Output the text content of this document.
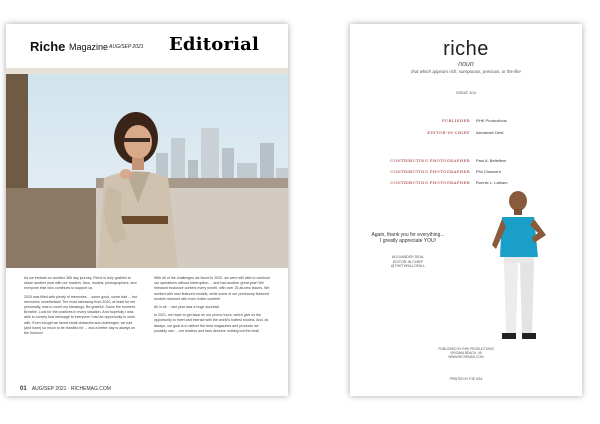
Riche Magazine AUG/SEP 2021 Editorial

As we embark on another 365 day journey, Riche is truly grateful to share another year with our readers, fans, models, photographers, and everyone else who continues to support us.

2020 was filled with plenty of memories ... some good, some bad ... but memories nonetheless! The most takeaway from 2020, at least for me personally, was to count my blessings. Be grateful. Savor the moment. Breathe. Look for the positives in every situation. And hopefully I was able to convey that message to everyone I had an opportunity to work with. Even though we faced small obstacles and challenges, we had (and have) so much to be thankful for ... and a better day is always on the horizon!

With all of the challenges we faced in 2020, we were still able to continue our operations without interruption ... and had another great year! We released exclusive content every month, with over 25 all-new issues. We worked with new featured models, while some of our previously featured models returned with even hotter content!

All in all ... last year was a huge success!

In 2021, we hope to get back on our promo tours, which give us the opportunity to meet and interact with the world's hottest models. And, as always, our goal is to deliver the best magazines and products we possibly can ... our readers and fans deserve nothing but the best!

01 AUG/SEP 2021 · RICHEMAG.COM
riche
noun
that which appears rich, sumptuous, precious, or the like
ISSUE 104
PUBLISHER RHK Productions
EDITOR-IN-CHIEF Alexander Deal
CONTRIBUTING PHOTOGRAPHER Paul A. Bellefleur
CONTRIBUTING PHOTOGRAPHER Phil Chesvent
CONTRIBUTING PHOTOGRAPHER Ronnie L. Latham
Again, thank you for everything...
I greatly appreciate YOU!
ALEXANDER DEAL
EDITOR-IN-CHIEF
@THETHRILLOFALL
PUBLISHED BY RHK PRODUCTIONS
VIRGINIA BEACH, VA
WWW.RICHEMAG.COM
PRINTED IN THE USA
